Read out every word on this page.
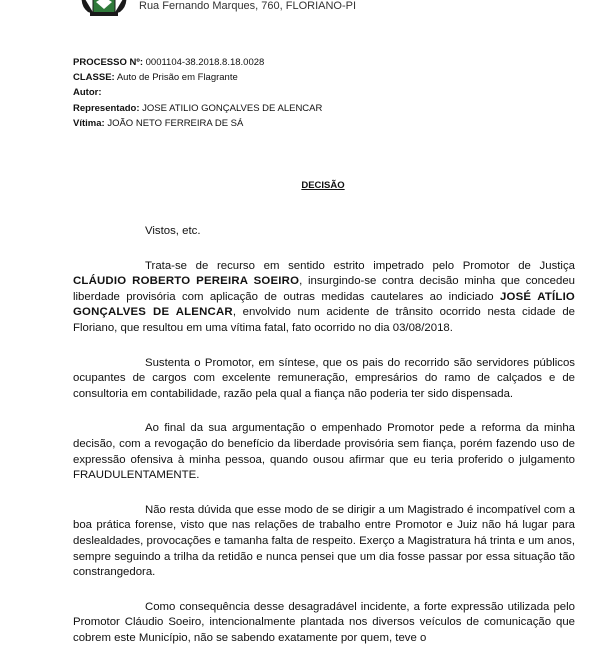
Rua Fernando Marques, 760, FLORIANO-PI
PROCESSO Nº: 0001104-38.2018.8.18.0028
CLASSE: Auto de Prisão em Flagrante
Autor:
Representado: JOSE ATILIO GONÇALVES DE ALENCAR
Vítima: JOÃO NETO FERREIRA DE SÁ
DECISÃO

Vistos, etc.

Trata-se de recurso em sentido estrito impetrado pelo Promotor de Justiça CLÁUDIO ROBERTO PEREIRA SOEIRO, insurgindo-se contra decisão minha que concedeu liberdade provisória com aplicação de outras medidas cautelares ao indiciado JOSÉ ATÍLIO GONÇALVES DE ALENCAR, envolvido num acidente de trânsito ocorrido nesta cidade de Floriano, que resultou em uma vítima fatal, fato ocorrido no dia 03/08/2018.

Sustenta o Promotor, em síntese, que os pais do recorrido são servidores públicos ocupantes de cargos com excelente remuneração, empresários do ramo de calçados e de consultoria em contabilidade, razão pela qual a fiança não poderia ter sido dispensada.

Ao final da sua argumentação o empenhado Promotor pede a reforma da minha decisão, com a revogação do benefício da liberdade provisória sem fiança, porém fazendo uso de expressão ofensiva à minha pessoa, quando ousou afirmar que eu teria proferido o julgamento FRAUDULENTAMENTE.

Não resta dúvida que esse modo de se dirigir a um Magistrado é incompatível com a boa prática forense, visto que nas relações de trabalho entre Promotor e Juiz não há lugar para deslealdades, provocações e tamanha falta de respeito. Exerço a Magistratura há trinta e um anos, sempre seguindo a trilha da retidão e nunca pensei que um dia fosse passar por essa situação tão constrangedora.

Como consequência desse desagradável incidente, a forte expressão utilizada pelo Promotor Cláudio Soeiro, intencionalmente plantada nos diversos veículos de comunicação que cobrem este Município, não se sabendo exatamente por quem, teve o
